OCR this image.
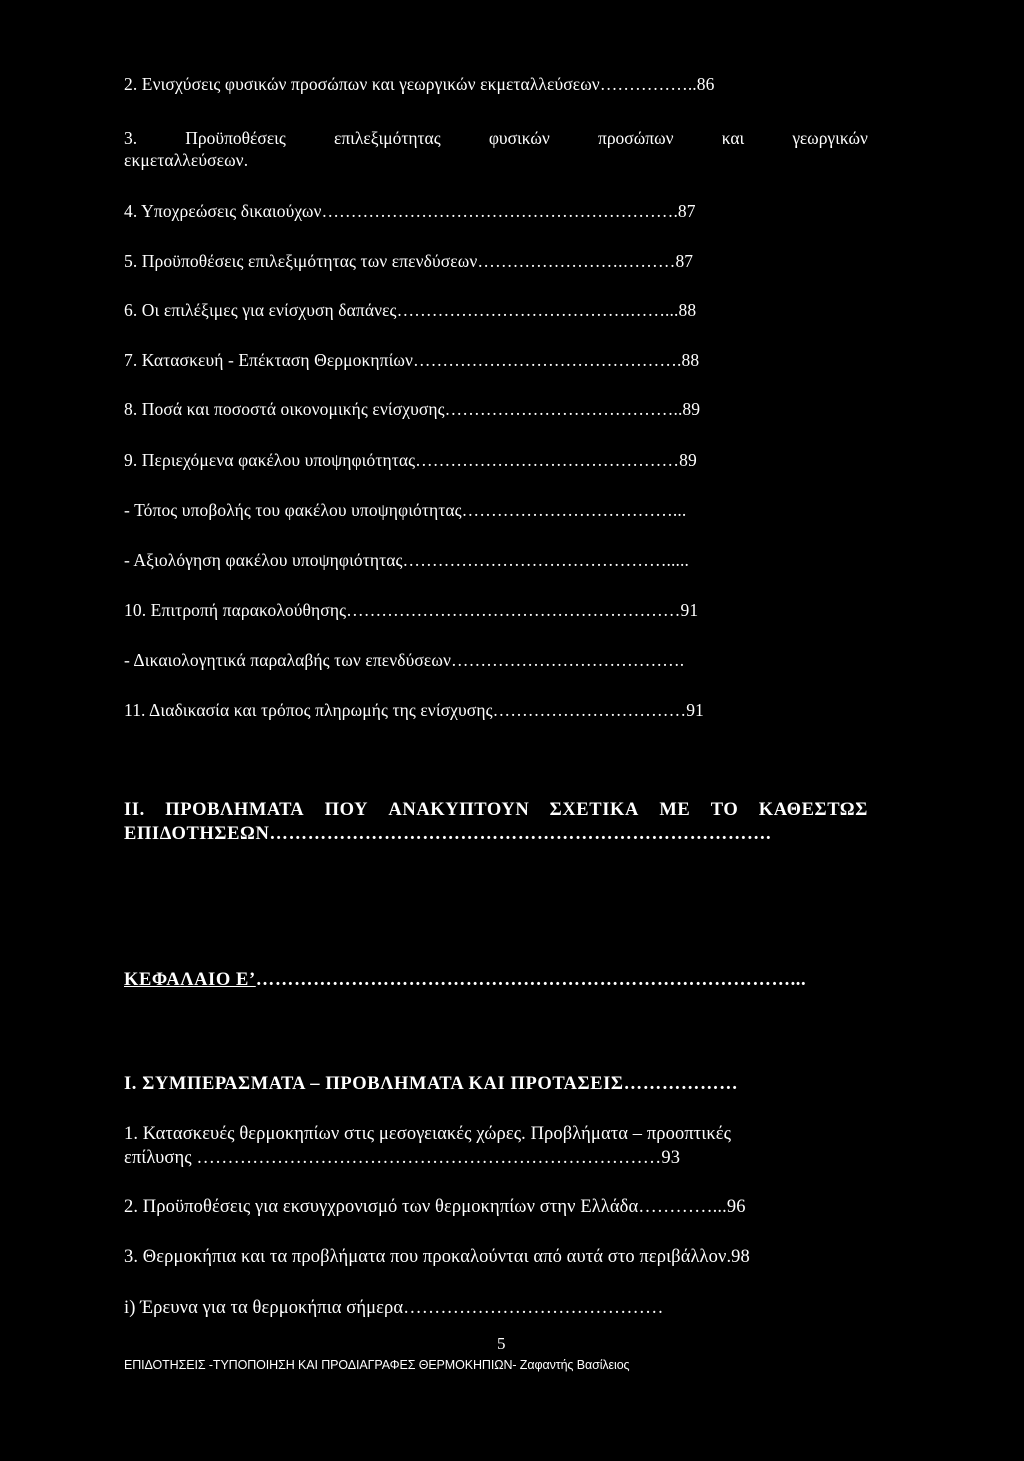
2. Ενισχύσεις φυσικών προσώπων και γεωργικών εκμεταλλεύσεων……………..86
3.	Προϋποθέσεις	επιλεξιμότητας	φυσικών	προσώπων	και	γεωργικών
εκμεταλλεύσεων.
4. Υποχρεώσεις δικαιούχων…………………………………………………….87
5. Προϋποθέσεις επιλεξιμότητας των επενδύσεων…………………….………87
6. Οι επιλέξιμες για ενίσχυση δαπάνες………………………………….……...88
7. Κατασκευή - Επέκταση Θερμοκηπίων……………………………………….88
8. Ποσά και ποσοστά οικονομικής ενίσχυσης…………………………………..89
9. Περιεχόμενα φακέλου υποψηφιότητας………………………………………89
- Τόπος υποβολής του φακέλου υποψηφιότητας………………………………...
- Αξιολόγηση φακέλου υποψηφιότητας……………………………………….....
10. Επιτροπή παρακολούθησης…………………………………………………91
- Δικαιολογητικά παραλαβής των επενδύσεων………………………………….
11. Διαδικασία και τρόπος πληρωμής της ενίσχυσης……………………………91
II. ΠΡΟΒΛΗΜΑΤΑ ΠΟΥ ΑΝΑΚΥΠΤΟΥΝ ΣΧΕΤΙΚΑ ΜΕ ΤΟ ΚΑΘΕΣΤΩΣ
ΕΠΙΔΟΤΗΣΕΩΝ…………………………………………………………………….
ΚΕΦΑΛΑΙΟ Ε’…………………………………………………………………………...
I. ΣΥΜΠΕΡΑΣΜΑΤΑ – ΠΡΟΒΛΗΜΑΤΑ ΚΑΙ ΠΡΟΤΑΣΕΙΣ………………
1. Κατασκευές θερμοκηπίων στις μεσογειακές χώρες. Προβλήματα – προοπτικές
επίλυσης …………………………………………………………………93
2. Προϋποθέσεις για εκσυγχρονισμό των θερμοκηπίων στην Ελλάδα…………...96
3. Θερμοκήπια και τα προβλήματα που προκαλούνται από αυτά στο περιβάλλον.98
i) Έρευνα για τα θερμοκήπια σήμερα……………………………………
5
ΕΠΙΔΟΤΗΣΕΙΣ -ΤΥΠΟΠΟΙΗΣΗ ΚΑΙ ΠΡΟΔΙΑΓΡΑΦΕΣ ΘΕΡΜΟΚΗΠΙΩΝ- Ζαφαντής Βασίλειος
